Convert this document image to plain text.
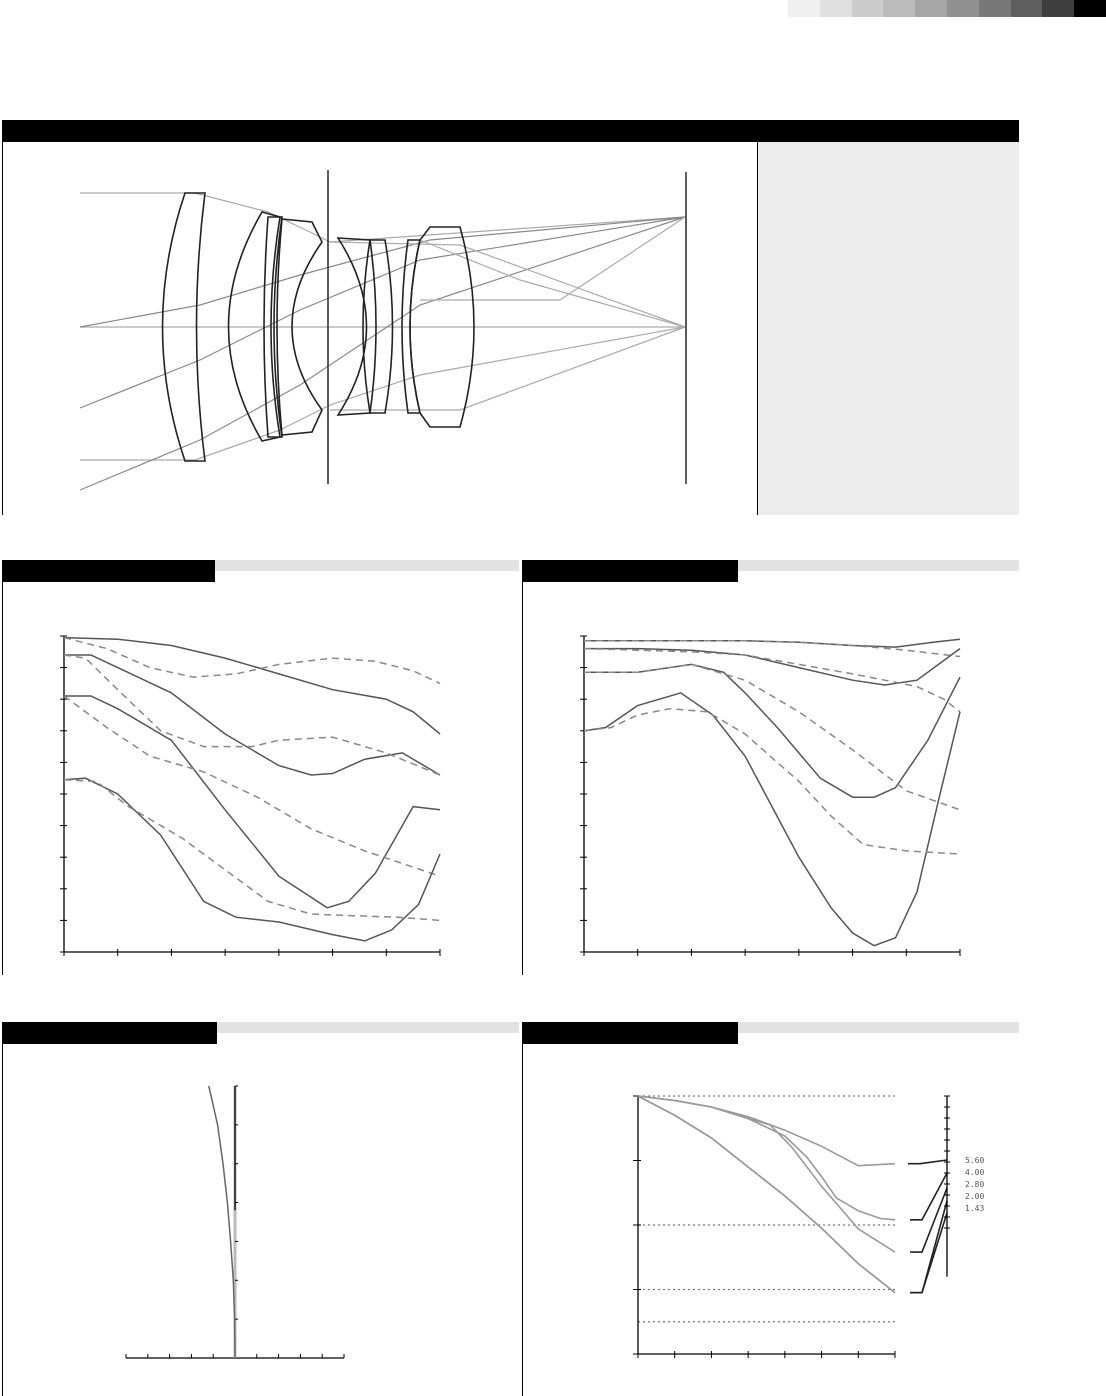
5.60
4.00
2.80
2.00
1.43
